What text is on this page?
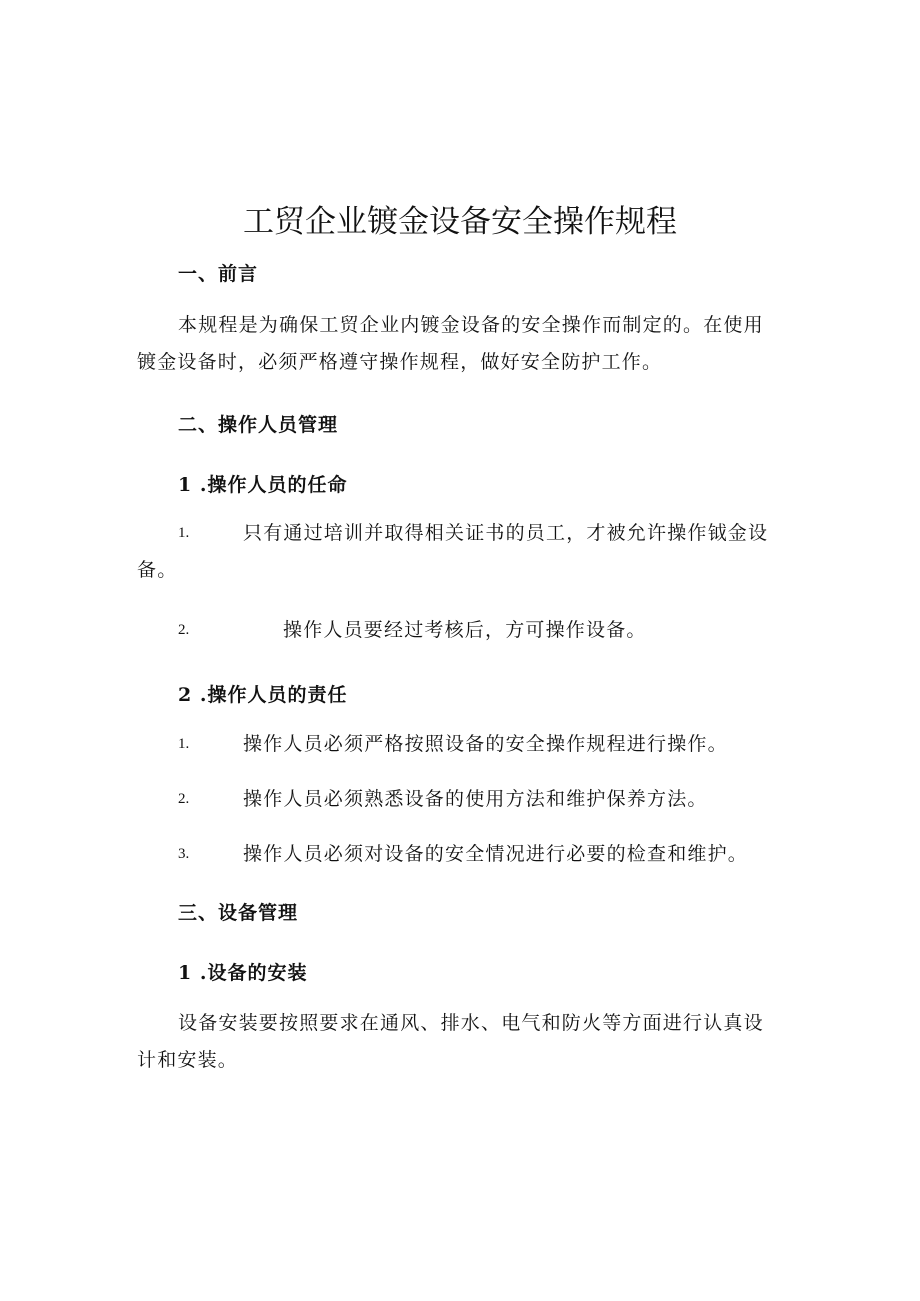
工贸企业镀金设备安全操作规程
一、前言

本规程是为确保工贸企业内镀金设备的安全操作而制定的。在使用镀金设备时，必须严格遵守操作规程，做好安全防护工作。

二、操作人员管理
1 .操作人员的任命
1.	只有通过培训并取得相关证书的员工，才被允许操作钺金设备。
2.	操作人员要经过考核后，方可操作设备。
2 .操作人员的责任
1.	操作人员必须严格按照设备的安全操作规程进行操作。
2.	操作人员必须熟悉设备的使用方法和维护保养方法。
3.	操作人员必须对设备的安全情况进行必要的检查和维护。
三、设备管理
1 .设备的安装

设备安装要按照要求在通风、排水、电气和防火等方面进行认真设计和安装。
